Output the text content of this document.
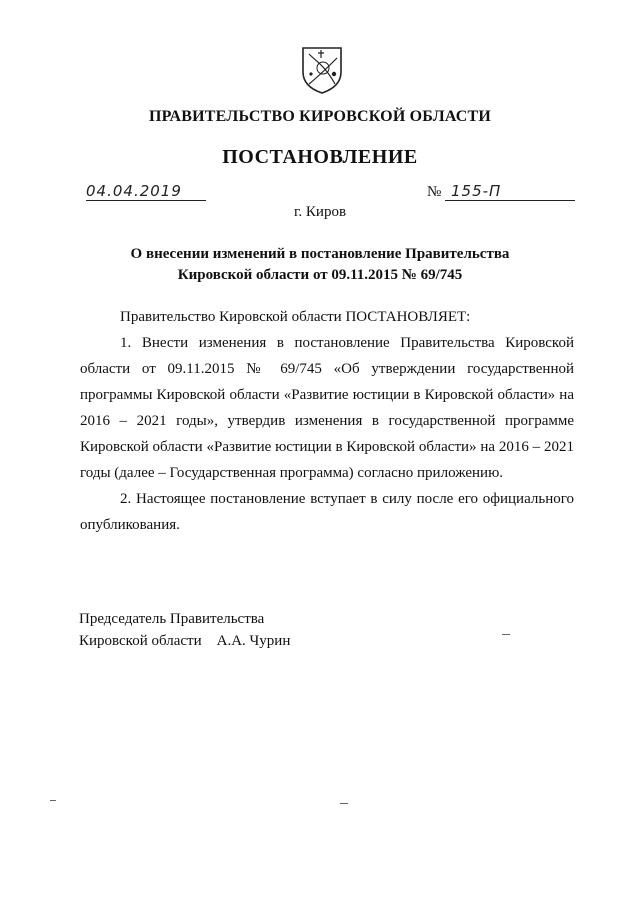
ПРАВИТЕЛЬСТВО КИРОВСКОЙ ОБЛАСТИ
ПОСТАНОВЛЕНИЕ
04.04.2019	№ 155-П
г. Киров
О внесении изменений в постановление Правительства
Кировской области от 09.11.2015 № 69/745

Правительство Кировской области ПОСТАНОВЛЯЕТ:

1. Внести изменения в постановление Правительства Кировской области от 09.11.2015 № 69/745 «Об утверждении государственной программы Кировской области «Развитие юстиции в Кировской области» на 2016 – 2021 годы», утвердив изменения в государственной программе Кировской области «Развитие юстиции в Кировской области» на 2016 – 2021 годы (далее – Государственная программа) согласно приложению.

2. Настоящее постановление вступает в силу после его официального опубликования.

Председатель Правительства
Кировской области А.А. Чурин
